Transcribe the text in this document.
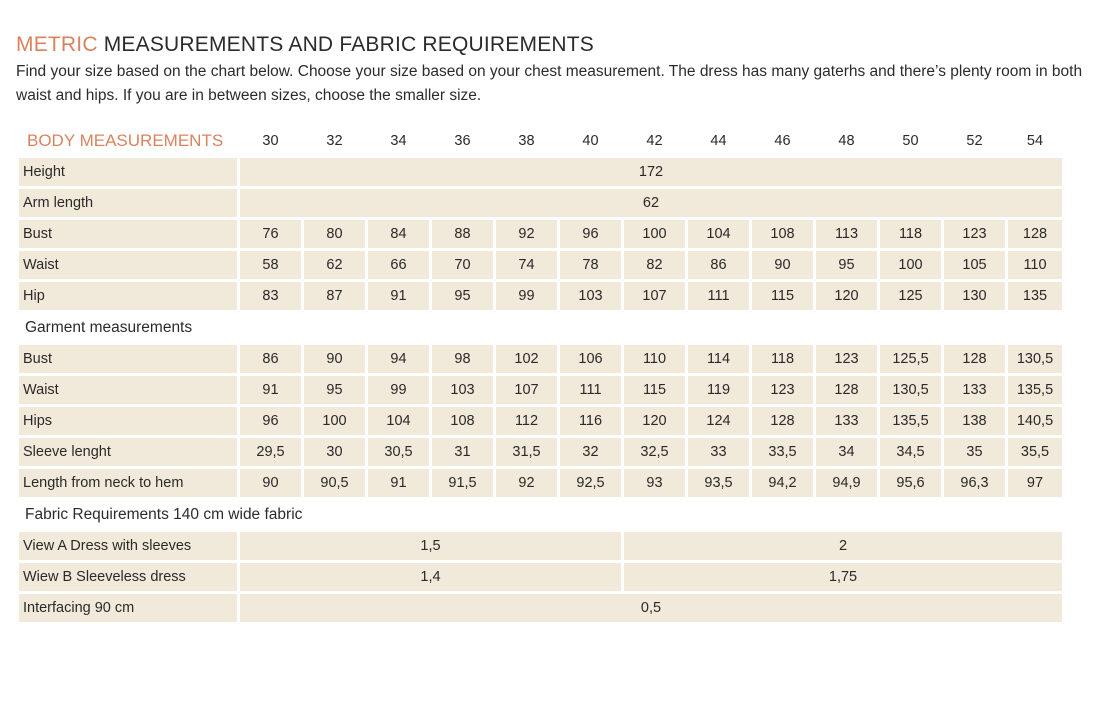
METRIC MEASUREMENTS AND FABRIC REQUIREMENTS
Find your size based on the chart below. Choose your size based on your chest measurement. The dress has many gaterhs and there’s plenty room in both waist and hips. If you are in between sizes, choose the smaller size.
BODY MEASUREMENTS	30	32	34	36	38	40	42	44	46	48	50	52	54
Height	172												
Arm length	62												
Bust	76	80	84	88	92	96	100	104	108	113	118	123	128
Waist	58	62	66	70	74	78	82	86	90	95	100	105	110
Hip	83	87	91	95	99	103	107	111	115	120	125	130	135
Garment measurements													
Bust	86	90	94	98	102	106	110	114	118	123	125,5	128	130,5
Waist	91	95	99	103	107	111	115	119	123	128	130,5	133	135,5
Hips	96	100	104	108	112	116	120	124	128	133	135,5	138	140,5
Sleeve lenght	29,5	30	30,5	31	31,5	32	32,5	33	33,5	34	34,5	35	35,5
Length from neck to hem	90	90,5	91	91,5	92	92,5	93	93,5	94,2	94,9	95,6	96,3	97
Fabric Requirements 140 cm wide fabric													
View A Dress with sleeves	1,5						2						
Wiew B Sleeveless dress	1,4						1,75						
Interfacing 90 cm	0,5												
